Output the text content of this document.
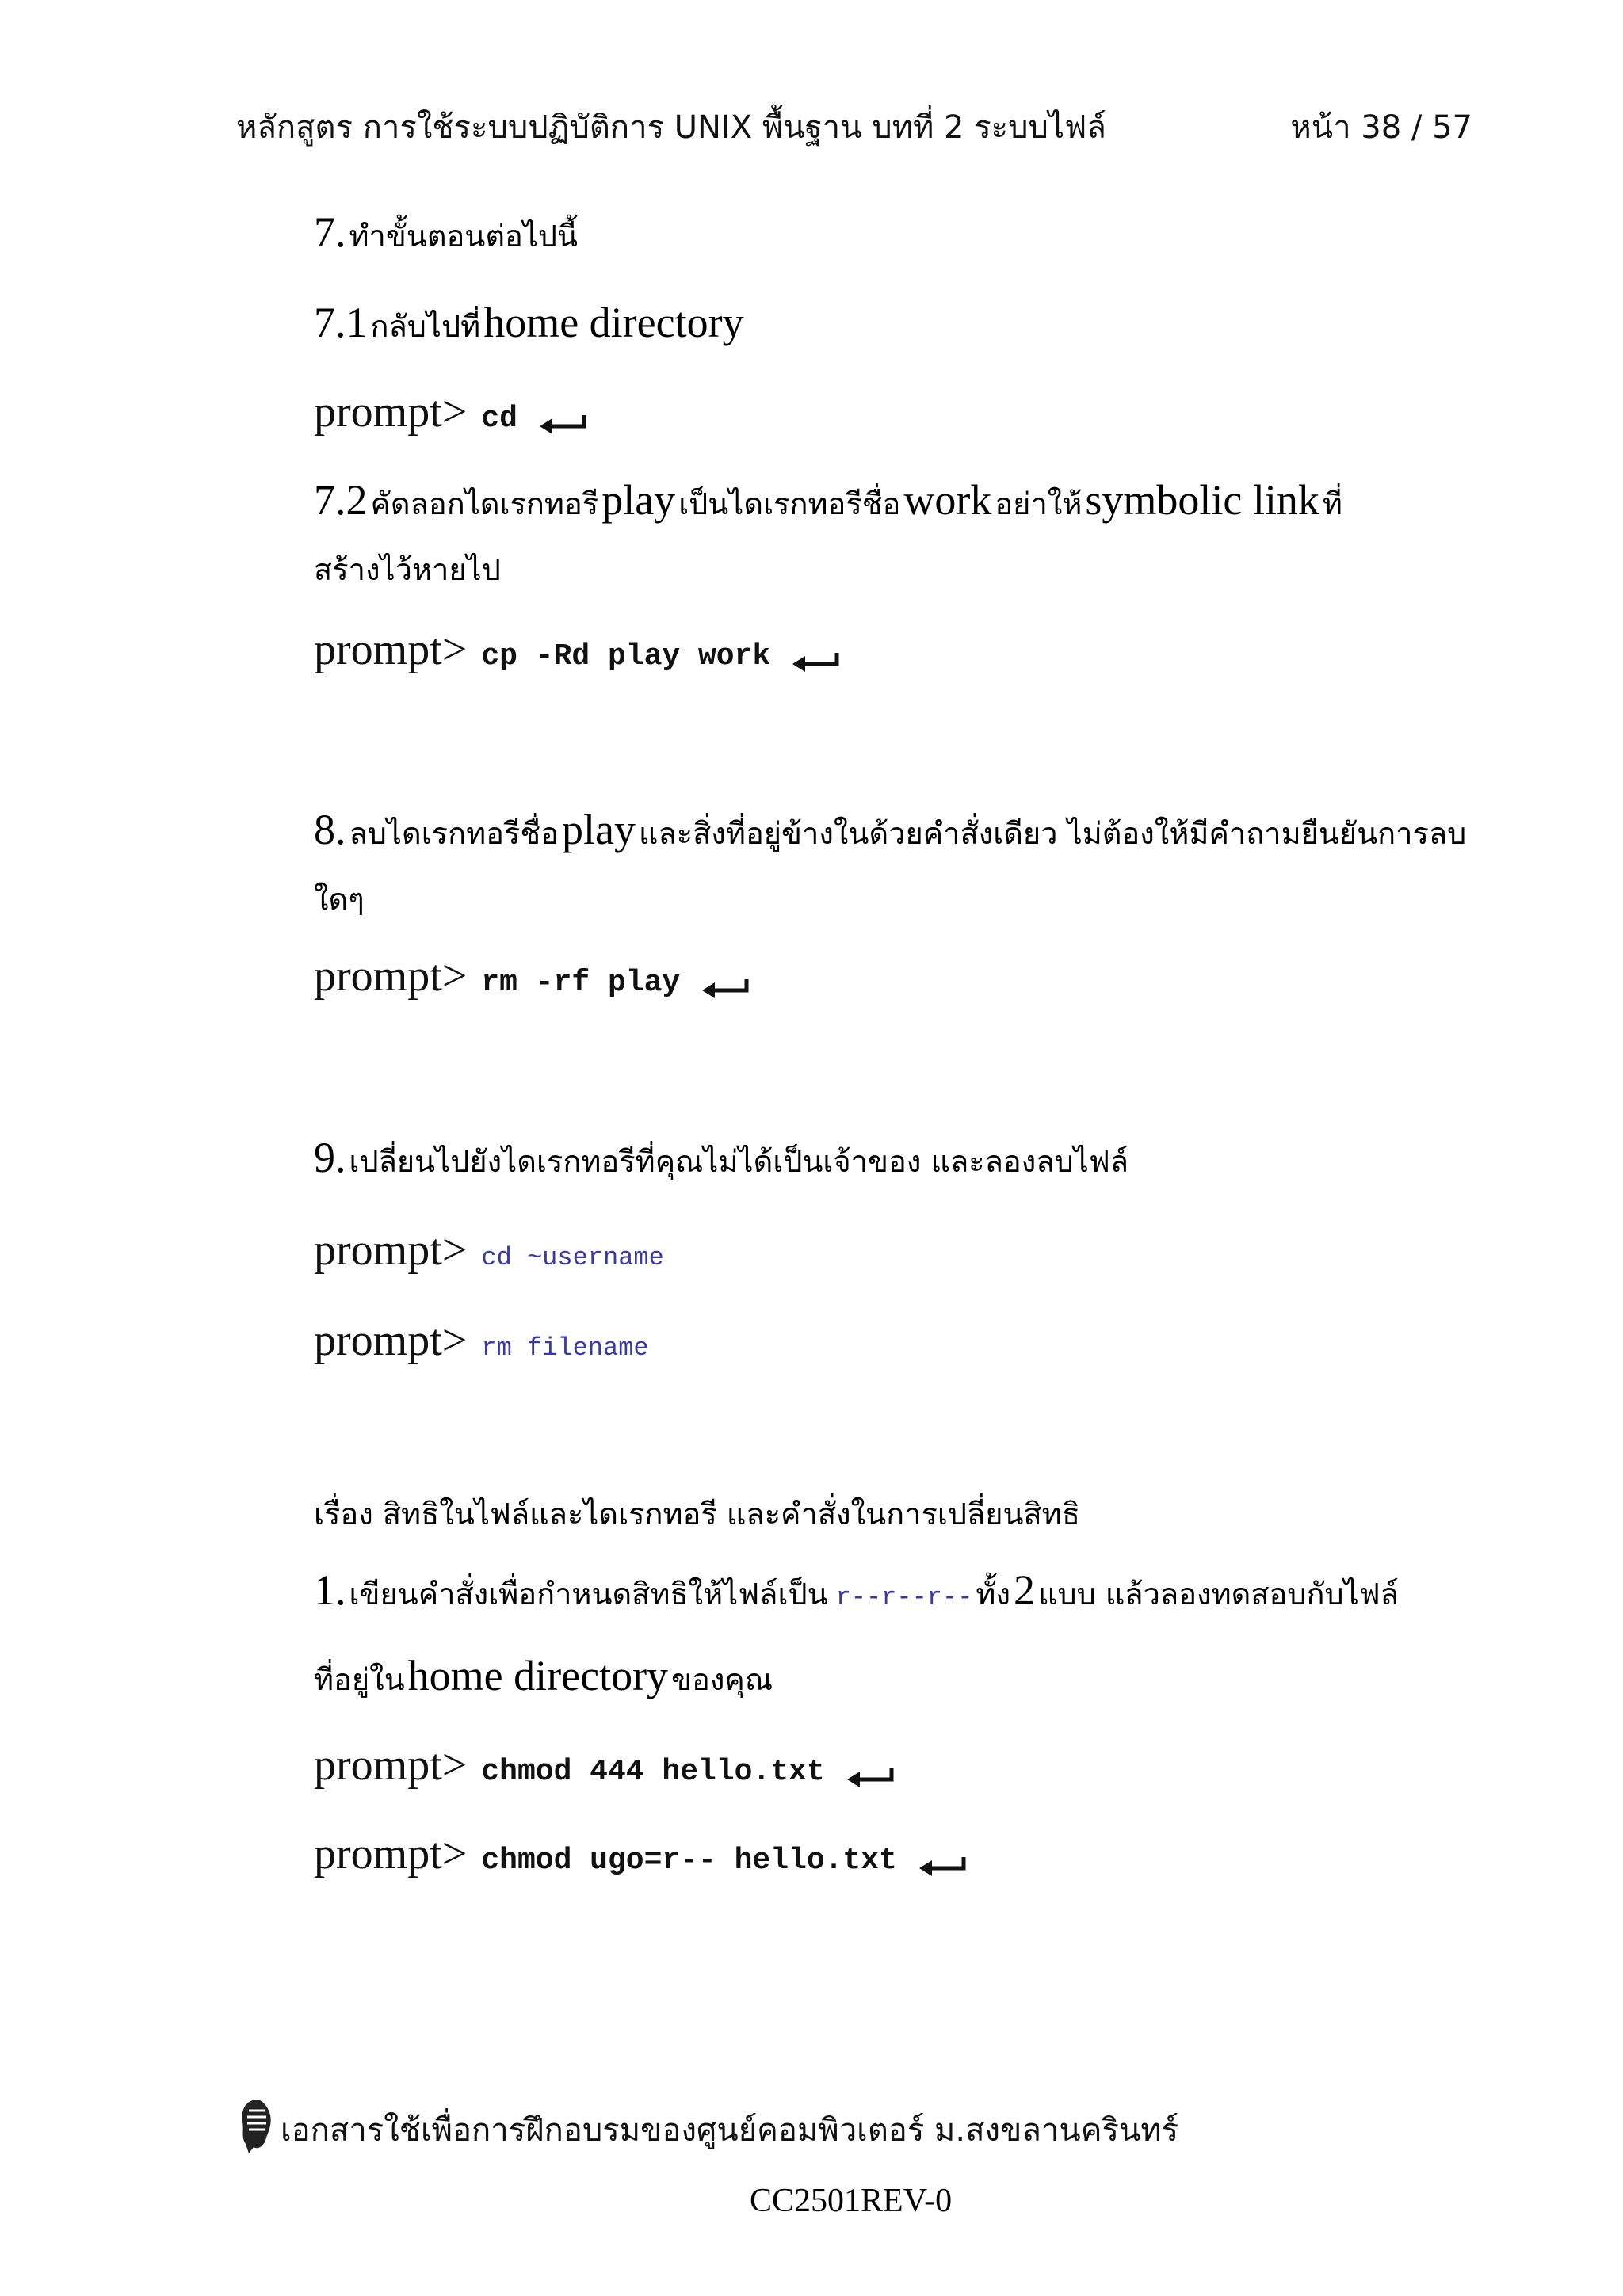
หลักสูตร การใช้ระบบปฏิบัติการ UNIX พื้นฐาน บทที่ 2 ระบบไฟล์	หน้า 38 / 57
7. ทำขั้นตอนต่อไปนี้
7.1 กลับไปที่ home directory
prompt> cd
7.2 คัดลอกไดเรกทอรี play เป็นไดเรกทอรีชื่อ work อย่าให้ symbolic link ที่
สร้างไว้หายไป
prompt> cp -Rd play work
8. ลบไดเรกทอรีชื่อ play และสิ่งที่อยู่ข้างในด้วยคำสั่งเดียว ไม่ต้องให้มีคำถามยืนยันการลบ
ใดๆ
prompt> rm -rf play
9. เปลี่ยนไปยังไดเรกทอรีที่คุณไม่ได้เป็นเจ้าของ และลองลบไฟล์
prompt> cd ~username
prompt> rm filename
เรื่อง สิทธิในไฟล์และไดเรกทอรี และคำสั่งในการเปลี่ยนสิทธิ
1. เขียนคำสั่งเพื่อกำหนดสิทธิให้ไฟล์เป็น r--r--r-- ทั้ง 2 แบบ แล้วลองทดสอบกับไฟล์
ที่อยู่ใน home directory ของคุณ
prompt> chmod 444 hello.txt
prompt> chmod ugo=r-- hello.txt
เอกสารใช้เพื่อการฝึกอบรมของศูนย์คอมพิวเตอร์ ม.สงขลานครินทร์
CC2501REV-0
